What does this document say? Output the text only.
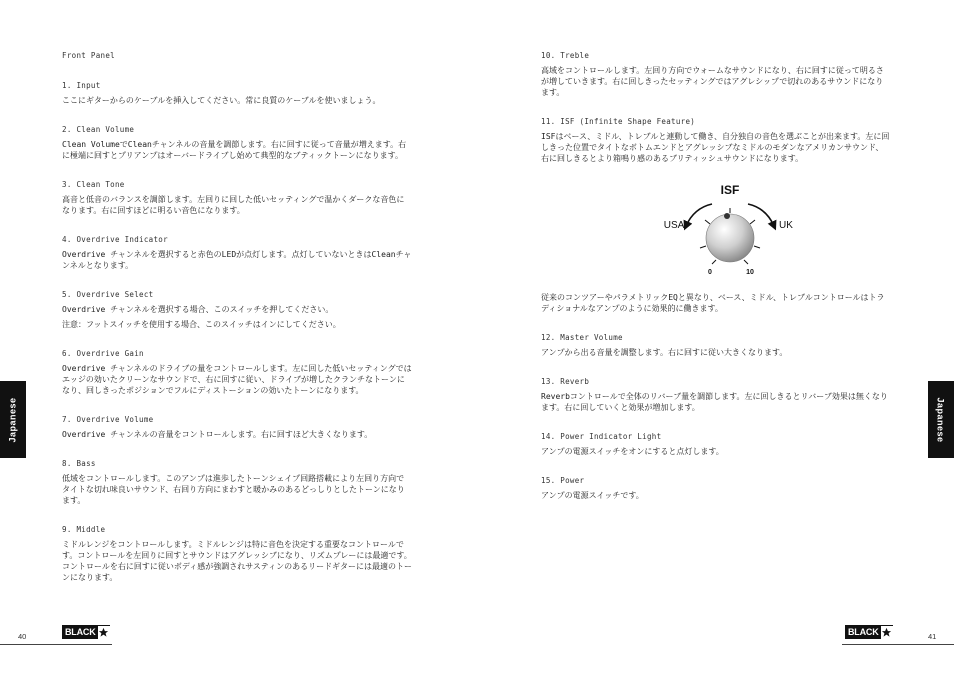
Front Panel
1. Input

ここにギターからのケーブルを挿入してください。常に良質のケーブルを使いましょう。

2. Clean Volume

Clean VolumeでCleanチャンネルの音量を調節します。右に回すに従って音量が増えます。右に極端に回すとプリアンプはオーバードライブし始めて典型的なブティックトーンになります。

3. Clean Tone

高音と低音のバランスを調節します。左回りに回した低いセッティングで温かくダークな音色になります。右に回すほどに明るい音色になります。

4. Overdrive Indicator

Overdrive チャンネルを選択すると赤色のLEDが点灯します。点灯していないときはCleanチャンネルとなります。

5. Overdrive Select

Overdrive チャンネルを選択する場合、このスイッチを押してください。

注意：フットスイッチを使用する場合、このスイッチはインにしてください。

6. Overdrive Gain

Overdrive チャンネルのドライブの量をコントロールします。左に回した低いセッティングではエッジの効いたクリーンなサウンドで、右に回すに従い、ドライブが増したクランチなトーンになり、回しきったポジションでフルにディストーションの効いたトーンになります。

7. Overdrive Volume

Overdrive チャンネルの音量をコントロールします。右に回すほど大きくなります。

8. Bass

低域をコントロールします。このアンプは進歩したトーンシェイプ回路搭載により左回り方向でタイトな切れ味良いサウンド、右回り方向にまわすと暖かみのあるどっしりとしたトーンになります。

9. Middle

ミドルレンジをコントロールします。ミドルレンジは特に音色を決定する重要なコントロールです。コントロールを左回りに回すとサウンドはアグレッシブになり、リズムプレーには最適です。コントロールを右に回すに従いボディ感が強調されサスティンのあるリードギターには最適のトーンになります。

10. Treble

高域をコントロールします。左回り方向でウォームなサウンドになり、右に回すに従って明るさが増していきます。右に回しきったセッティングではアグレシップで切れのあるサウンドになります。

11. ISF (Infinite Shape Feature)

ISFはベース、ミドル、トレブルと連動して働き、自分独自の音色を選ぶことが出来ます。左に回しきった位置でタイトなボトムエンドとアグレッシブなミドルのモダンなアメリカンサウンド、右に回しきるとより箱鳴り感のあるブリティッシュサウンドになります。

ISF
USA	UK
0	10

従来のコンツアーやパラメトリックEQと異なり、ベース、ミドル、トレブルコントロールはトラディショナルなアンプのように効果的に働きます。

12. Master Volume

アンプから出る音量を調整します。右に回すに従い大きくなります。

13. Reverb

Reverbコントロールで全体のリバーブ量を調節します。左に回しきるとリバーブ効果は無くなります。右に回していくと効果が増加します。

14. Power Indicator Light

アンプの電源スイッチをオンにすると点灯します。

15. Power

アンプの電源スイッチです。

Japanese	Japanese
40	BLACK	BLACK	41
